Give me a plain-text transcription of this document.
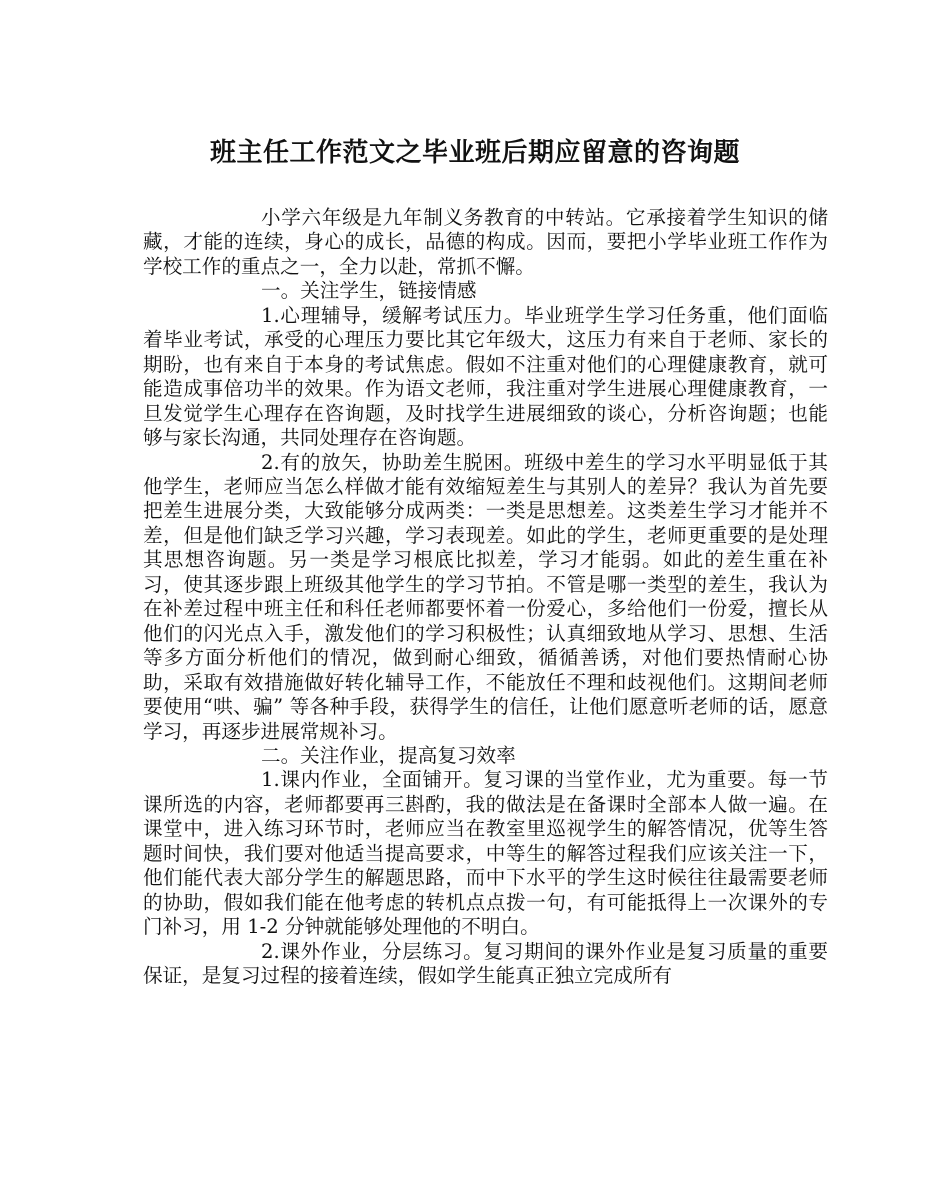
班主任工作范文之毕业班后期应留意的咨询题

小学六年级是九年制义务教育的中转站。它承接着学生知识的储藏，才能的连续，身心的成长，品德的构成。因而，要把小学毕业班工作作为学校工作的重点之一，全力以赴，常抓不懈。

一。关注学生，链接情感

1.心理辅导，缓解考试压力。毕业班学生学习任务重，他们面临着毕业考试，承受的心理压力要比其它年级大，这压力有来自于老师、家长的期盼，也有来自于本身的考试焦虑。假如不注重对他们的心理健康教育，就可能造成事倍功半的效果。作为语文老师，我注重对学生进展心理健康教育，一旦发觉学生心理存在咨询题，及时找学生进展细致的谈心，分析咨询题；也能够与家长沟通，共同处理存在咨询题。

2.有的放矢，协助差生脱困。班级中差生的学习水平明显低于其他学生，老师应当怎么样做才能有效缩短差生与其别人的差异？我认为首先要把差生进展分类，大致能够分成两类：一类是思想差。这类差生学习才能并不差，但是他们缺乏学习兴趣，学习表现差。如此的学生，老师更重要的是处理其思想咨询题。另一类是学习根底比拟差，学习才能弱。如此的差生重在补习，使其逐步跟上班级其他学生的学习节拍。不管是哪一类型的差生，我认为在补差过程中班主任和科任老师都要怀着一份爱心，多给他们一份爱，擅长从他们的闪光点入手，激发他们的学习积极性；认真细致地从学习、思想、生活等多方面分析他们的情况，做到耐心细致，循循善诱，对他们要热情耐心协助，采取有效措施做好转化辅导工作，不能放任不理和歧视他们。这期间老师要使用“哄、骗” 等各种手段，获得学生的信任，让他们愿意听老师的话，愿意学习，再逐步进展常规补习。

二。关注作业，提高复习效率

1.课内作业，全面铺开。复习课的当堂作业，尤为重要。每一节课所选的内容，老师都要再三斟酌，我的做法是在备课时全部本人做一遍。在课堂中，进入练习环节时，老师应当在教室里巡视学生的解答情况，优等生答题时间快，我们要对他适当提高要求，中等生的解答过程我们应该关注一下，他们能代表大部分学生的解题思路，而中下水平的学生这时候往往最需要老师的协助，假如我们能在他考虑的转机点点拨一句，有可能抵得上一次课外的专门补习，用 1-2 分钟就能够处理他的不明白。

2.课外作业，分层练习。复习期间的课外作业是复习质量的重要保证，是复习过程的接着连续，假如学生能真正独立完成所有
